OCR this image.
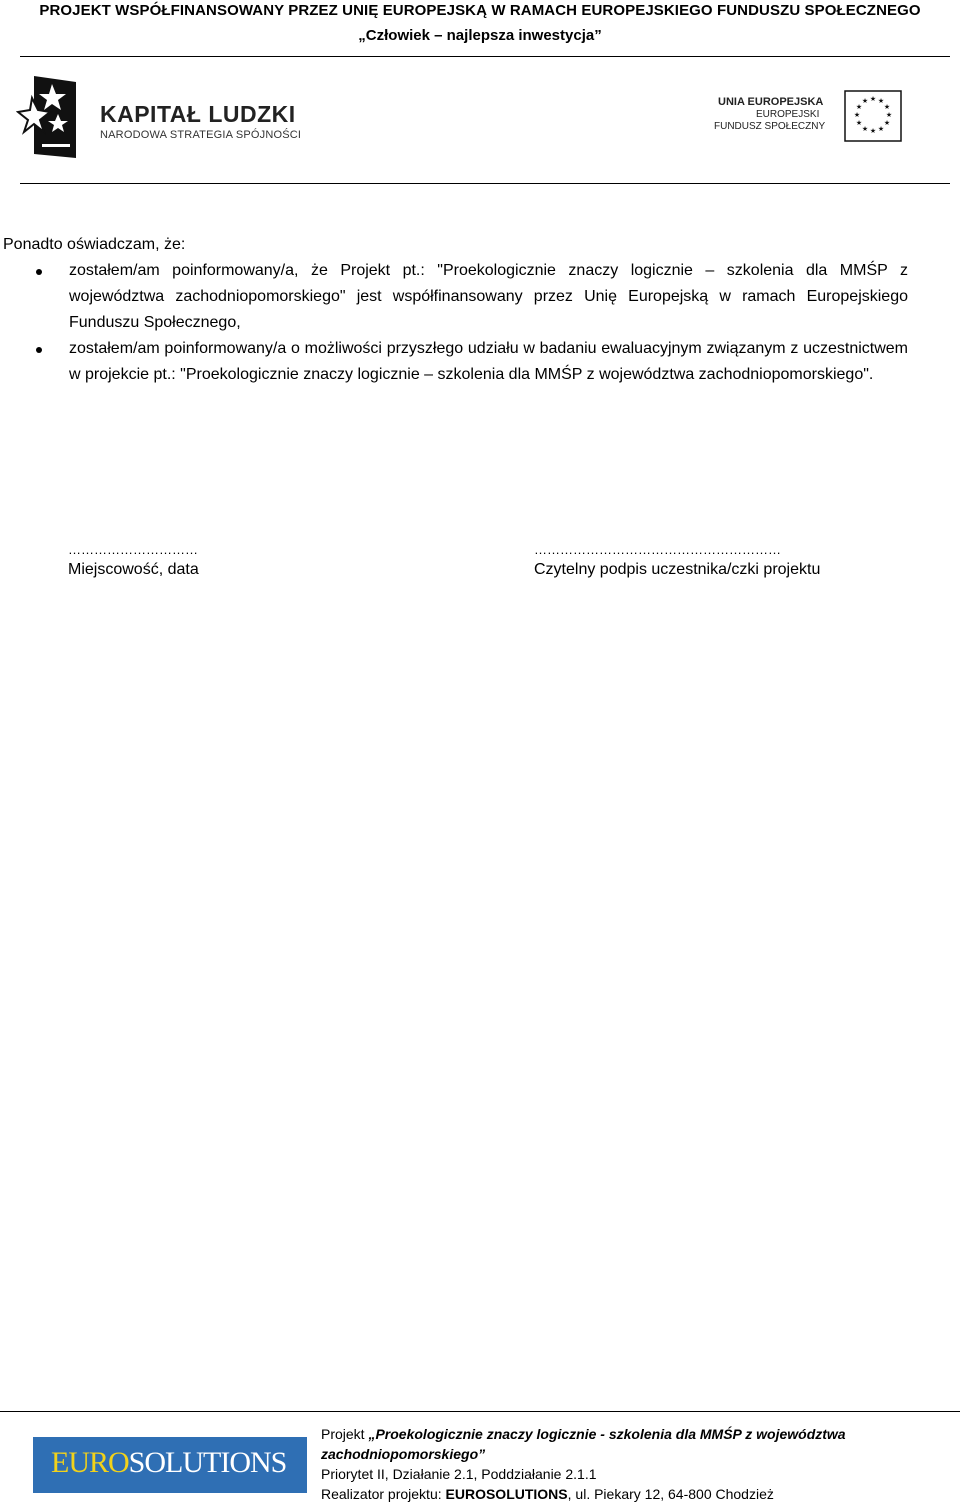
PROJEKT WSPÓŁFINANSOWANY PRZEZ UNIĘ EUROPEJSKĄ W RAMACH EUROPEJSKIEGO FUNDUSZU SPOŁECZNEGO
„Człowiek – najlepsza inwestycja”
KAPITAŁ LUDZKI
NARODOWA STRATEGIA SPÓJNOŚCI
UNIA EUROPEJSKA
EUROPEJSKI
FUNDUSZ SPOŁECZNY
★ ★
★
★
★
★
★
★
★
★
★
★

Ponadto oświadczam, że:

zostałem/am poinformowany/a, że Projekt pt.: "Proekologicznie znaczy logicznie – szkolenia dla MMŚP z województwa zachodniopomorskiego" jest współfinansowany przez Unię Europejską w ramach Europejskiego Funduszu Społecznego,
zostałem/am poinformowany/a o możliwości przyszłego udziału w badaniu ewaluacyjnym związanym z uczestnictwem w projekcie pt.: "Proekologicznie znaczy logicznie – szkolenia dla MMŚP z województwa zachodniopomorskiego".
…………………………
Miejscowość, data
…………………………………………………
Czytelny podpis uczestnika/czki projektu
EUROSOLUTIONS
Projekt „Proekologicznie znaczy logicznie - szkolenia dla MMŚP z województwa
zachodniopomorskiego”
Priorytet II, Działanie 2.1, Poddziałanie 2.1.1
Realizator projektu: EUROSOLUTIONS, ul. Piekary 12, 64-800 Chodzież
